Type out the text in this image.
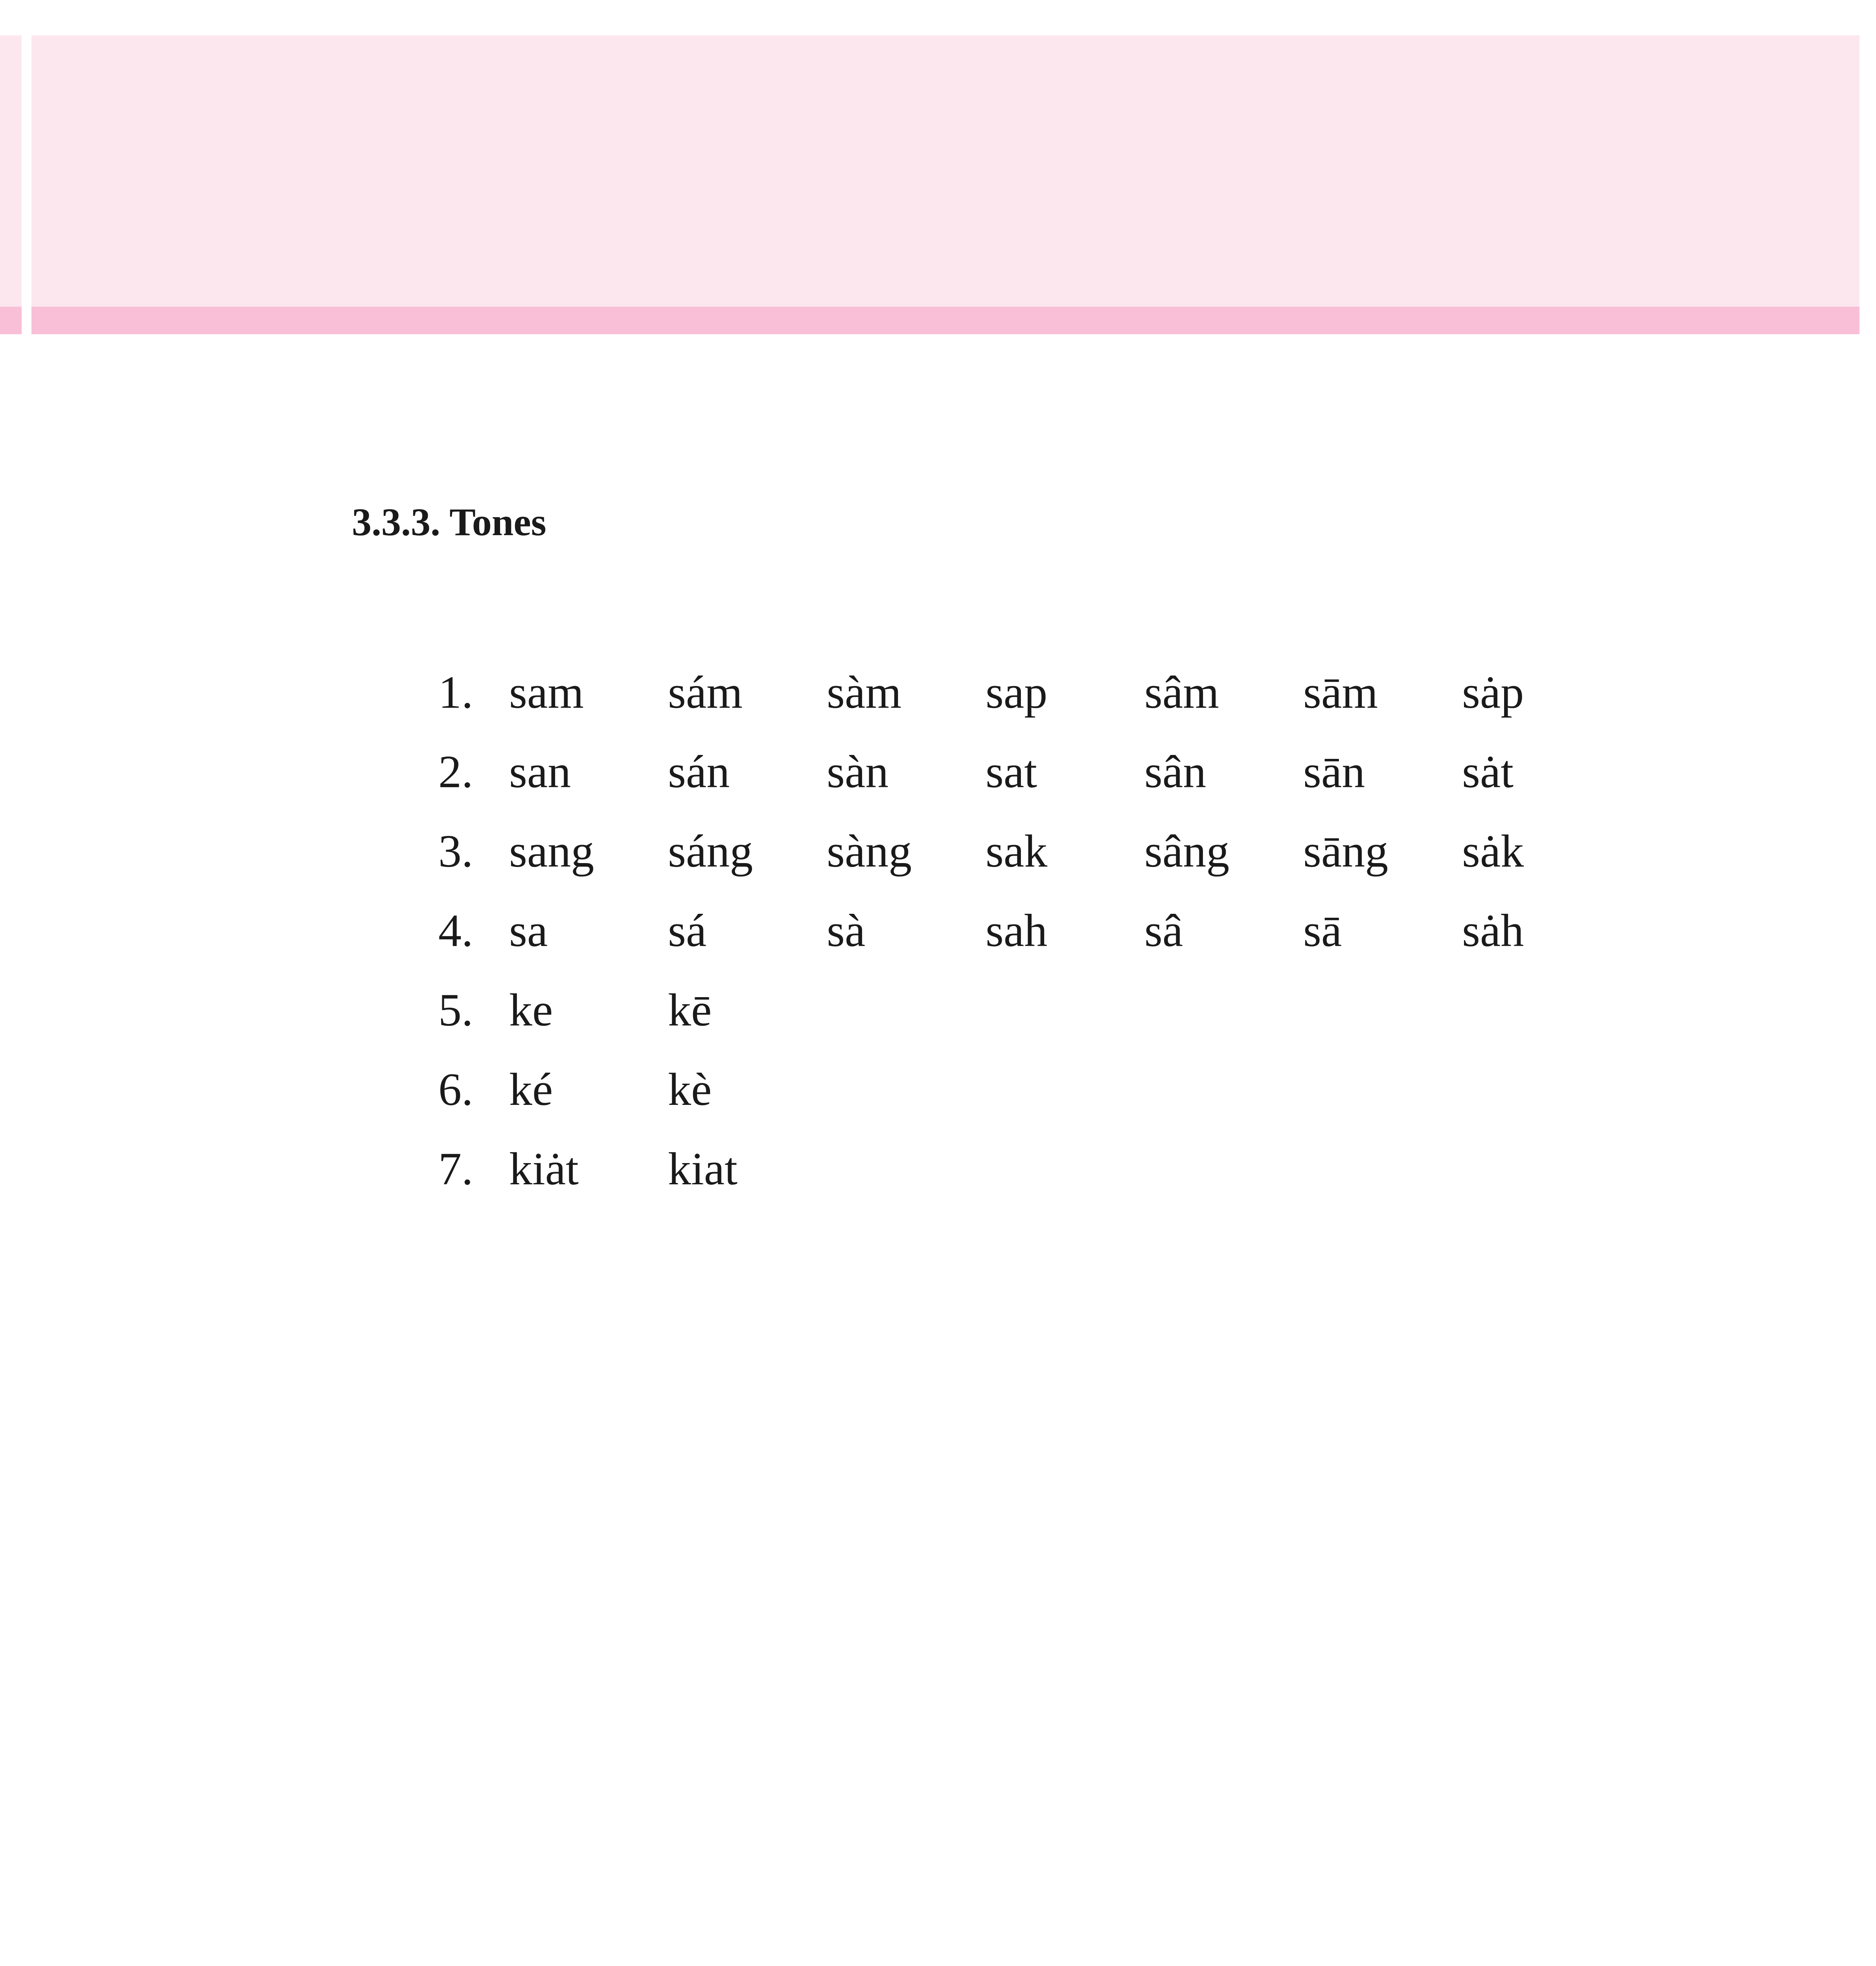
3.3.3. Tones
1. sam	sám	sàm	sap	sâm	sām	sȧp
2. san	sán	sàn	sat	sân	sān	sȧt
3. sang	sáng	sàng	sak	sâng	sāng	sȧk
4. sa	sá	sà	sah	sâ	sā	sȧh
5. ke	kē
6. ké	kè
7. kiȧt	kiat
